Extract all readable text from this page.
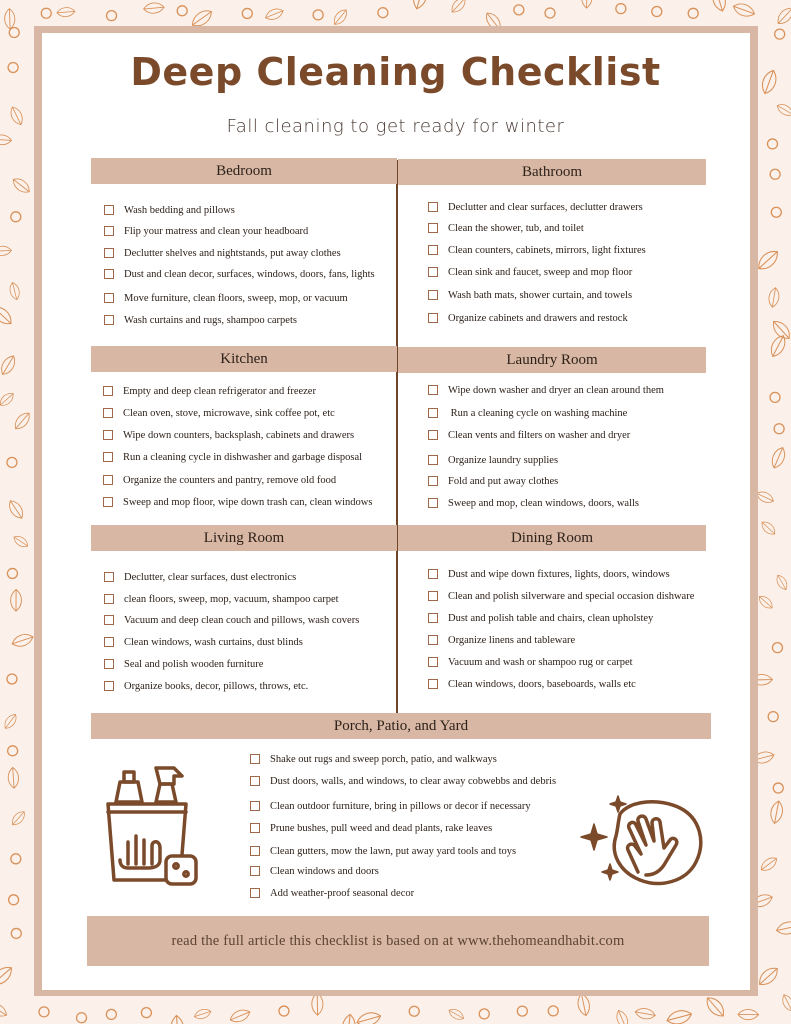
Deep Cleaning Checklist
Fall cleaning to get ready for winter
Bedroom	Bathroom
Kitchen	Laundry Room
Living Room	Dining Room
Porch, Patio, and Yard
Wash bedding and pillows
Flip your matress and clean your headboard
Declutter shelves and nightstands, put away clothes
Dust and clean decor, surfaces, windows, doors, fans, lights
Move furniture, clean floors, sweep, mop, or vacuum
Wash curtains and rugs, shampoo carpets
Declutter and clear surfaces, declutter drawers
Clean the shower, tub, and toilet
Clean counters, cabinets, mirrors, light fixtures
Clean sink and faucet, sweep and mop floor
Wash bath mats, shower curtain, and towels
Organize cabinets and drawers and restock
Empty and deep clean refrigerator and freezer
Clean oven, stove, microwave, sink coffee pot, etc
Wipe down counters, backsplash, cabinets and drawers
Run a cleaning cycle in dishwasher and garbage disposal
Organize the counters and pantry, remove old food
Sweep and mop floor, wipe down trash can, clean windows
Wipe down washer and dryer an clean around them
Run a cleaning cycle on washing machine
Clean vents and filters on washer and dryer
Organize laundry supplies
Fold and put away clothes
Sweep and mop, clean windows, doors, walls
Declutter, clear surfaces, dust electronics
clean floors, sweep, mop, vacuum, shampoo carpet
Vacuum and deep clean couch and pillows, wash covers
Clean windows, wash curtains, dust blinds
Seal and polish wooden furniture
Organize books, decor, pillows, throws, etc.
Dust and wipe down fixtures, lights, doors, windows
Clean and polish silverware and special occasion dishware
Dust and polish table and chairs, clean upholstey
Organize linens and tableware
Vacuum and wash or shampoo rug or carpet
Clean windows, doors, baseboards, walls etc
Shake out rugs and sweep porch, patio, and walkways
Dust doors, walls, and windows, to clear away cobwebbs and debris
Clean outdoor furniture, bring in pillows or decor if necessary
Prune bushes, pull weed and dead plants, rake leaves
Clean gutters, mow the lawn, put away yard tools and toys
Clean windows and doors
Add weather-proof seasonal decor
read the full article this checklist is based on at www.thehomeandhabit.com
